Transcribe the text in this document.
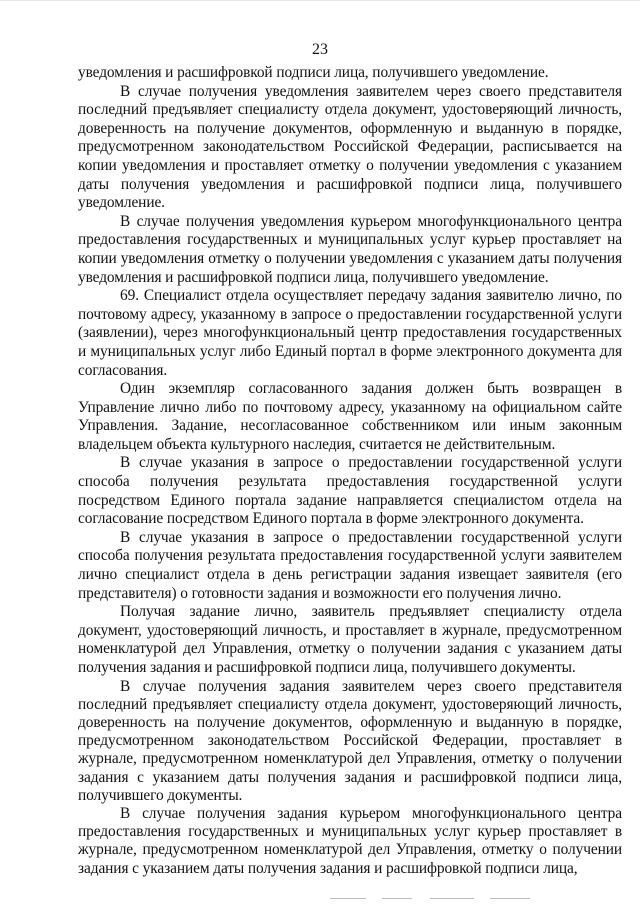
23

уведомления и расшифровкой подписи лица, получившего уведомление.

В случае получения уведомления заявителем через своего представителя последний предъявляет специалисту отдела документ, удостоверяющий личность, доверенность на получение документов, оформленную и выданную в порядке, предусмотренном законодательством Российской Федерации, расписывается на копии уведомления и проставляет отметку о получении уведомления с указанием даты получения уведомления и расшифровкой подписи лица, получившего уведомление.

В случае получения уведомления курьером многофункционального центра предоставления государственных и муниципальных услуг курьер проставляет на копии уведомления отметку о получении уведомления с указанием даты получения уведомления и расшифровкой подписи лица, получившего уведомление.

69. Специалист отдела осуществляет передачу задания заявителю лично, по почтовому адресу, указанному в запросе о предоставлении государственной услуги (заявлении), через многофункциональный центр предоставления государственных и муниципальных услуг либо Единый портал в форме электронного документа для согласования.

Один экземпляр согласованного задания должен быть возвращен в Управление лично либо по почтовому адресу, указанному на официальном сайте Управления. Задание, несогласованное собственником или иным законным владельцем объекта культурного наследия, считается не действительным.

В случае указания в запросе о предоставлении государственной услуги способа получения результата предоставления государственной услуги посредством Единого портала задание направляется специалистом отдела на согласование посредством Единого портала в форме электронного документа.

В случае указания в запросе о предоставлении государственной услуги способа получения результата предоставления государственной услуги заявителем лично специалист отдела в день регистрации задания извещает заявителя (его представителя) о готовности задания и возможности его получения лично.

Получая задание лично, заявитель предъявляет специалисту отдела документ, удостоверяющий личность, и проставляет в журнале, предусмотренном номенклатурой дел Управления, отметку о получении задания с указанием даты получения задания и расшифровкой подписи лица, получившего документы.

В случае получения задания заявителем через своего представителя последний предъявляет специалисту отдела документ, удостоверяющий личность, доверенность на получение документов, оформленную и выданную в порядке, предусмотренном законодательством Российской Федерации, проставляет в журнале, предусмотренном номенклатурой дел Управления, отметку о получении задания с указанием даты получения задания и расшифровкой подписи лица, получившего документы.

В случае получения задания курьером многофункционального центра предоставления государственных и муниципальных услуг курьер проставляет в журнале, предусмотренном номенклатурой дел Управления, отметку о получении задания с указанием даты получения задания и расшифровкой подписи лица,
